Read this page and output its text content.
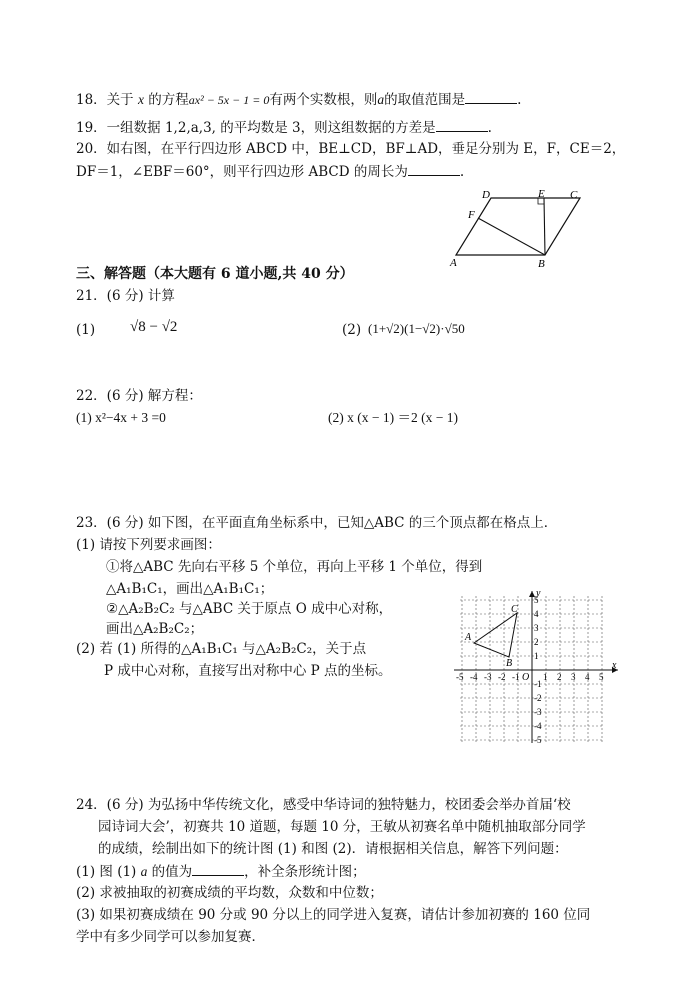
18．关于 x 的方程ax² − 5x − 1 = 0有两个实数根，则a的取值范围是	.
19．一组数据 1,2,a,3, 的平均数是 3，则这组数据的方差是	.
20．如右图，在平行四边形 ABCD 中，BE⊥CD，BF⊥AD，垂足分别为 E，F，CE＝2，
DF＝1，∠EBF＝60°，则平行四边形 ABCD 的周长为	.
A	B
C
D	E
F
三、解答题（本大题有 6 道小题,共 40 分）
21．(6 分) 计算
(1) √8 − √2	(2) (1+√2)(1−√2)·√50
22．(6 分) 解方程：
(1) x²−4x + 3 =0	(2) x (x − 1) ＝2 (x − 1)
23．(6 分) 如下图，在平面直角坐标系中，已知△ABC 的三个顶点都在格点上．
(1) 请按下列要求画图：
①将△ABC 先向右平移 5 个单位，再向上平移 1 个单位，得到
△A₁B₁C₁，画出△A₁B₁C₁；
②△A₂B₂C₂ 与△ABC 关于原点 O 成中心对称，
画出△A₂B₂C₂；
(2) 若 (1) 所得的△A₁B₁C₁ 与△A₂B₂C₂，关于点
P 成中心对称，直接写出对称中心 P 点的坐标。	x
y
O
-5 -4 -3 -2 -1	1 2 3 4 5
5
4
3
2
1
-1
-2
-3
-4
-5
A
B
C
24．(6 分) 为弘扬中华传统文化，感受中华诗词的独特魅力，校团委会举办首届‘校
园诗词大会’，初赛共 10 道题，每题 10 分，王敏从初赛名单中随机抽取部分同学
的成绩，绘制出如下的统计图 (1) 和图 (2)．请根据相关信息，解答下列问题：
(1) 图 (1) a 的值为	，补全条形统计图；
(2) 求被抽取的初赛成绩的平均数，众数和中位数；
(3) 如果初赛成绩在 90 分或 90 分以上的同学进入复赛，请估计参加初赛的 160 位同
学中有多少同学可以参加复赛．
